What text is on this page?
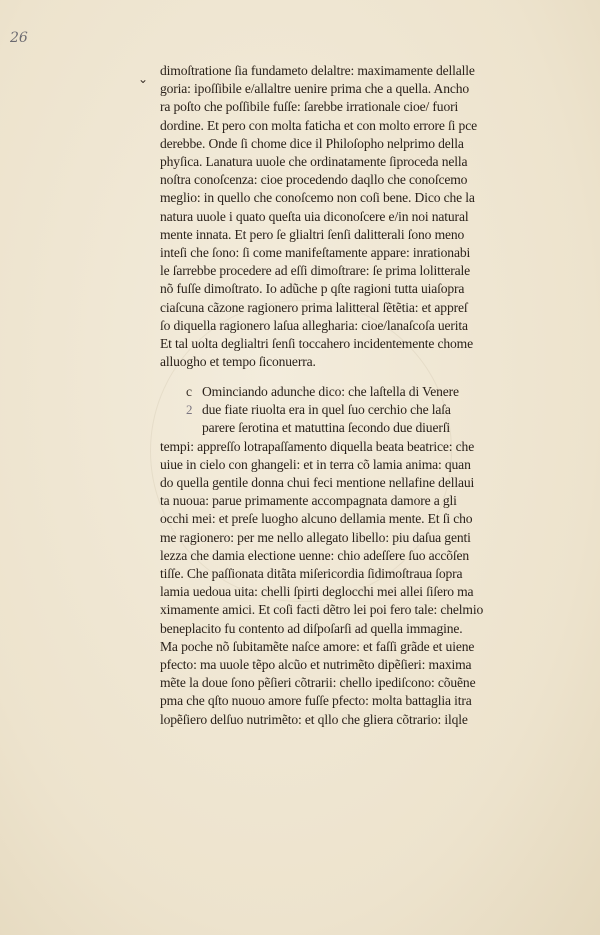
26
⌄
dimoſtratione ſia fundameto delaltre: maximamente dellalle
goria: ipoſſibile e/allaltre uenire prima che a quella. Ancho
ra poſto che poſſibile fuſſe: ſarebbe irrationale cioe/ fuori
dordine. Et pero con molta faticha et con molto errore ſi pce
derebbe. Onde ſi chome dice il Philoſopho nelprimo della
phyſica. Lanatura uuole che ordinatamente ſiproceda nella
noſtra conoſcenza: cioe procedendo daqllo che conoſcemo
meglio: in quello che conoſcemo non coſi bene. Dico che la
natura uuole i quato queſta uia diconoſcere e/in noi natural
mente innata. Et pero ſe glialtri ſenſi dalitterali ſono meno
inteſi che ſono: ſi come manifeſtamente appare: inrationabi
le ſarrebbe procedere ad eſſi dimoſtrare: ſe prima lolitterale
nõ fuſſe dimoſtrato. Io adũche p qſte ragioni tutta uiaſopra
ciaſcuna cãzone ragionero prima lalitteral ſẽtẽtia: et appreſ
ſo diquella ragionero laſua allegharia: cioe/lanaſcoſa uerita
Et tal uolta deglialtri ſenſi toccahero incidentemente chome
alluogho et tempo ſiconuerra.
c
2
Ominciando adunche dico: che laſtella di Venere
due fiate riuolta era in quel ſuo cerchio che laſa
parere ſerotina et matuttina ſecondo due diuerſi
tempi: appreſſo lotrapaſſamento diquella beata beatrice: che
uiue in cielo con ghangeli: et in terra cõ lamia anima: quan
do quella gentile donna chui feci mentione nellafine dellaui
ta nuoua: parue primamente accompagnata damore a gli
occhi mei: et preſe luogho alcuno dellamia mente. Et ſi cho
me ragionero: per me nello allegato libello: piu daſua genti
lezza che damia electione uenne: chio adeſſere ſuo accõſen
tiſſe. Che paſſionata ditãta miſericordia ſidimoſtraua ſopra
lamia uedoua uita: chelli ſpirti deglocchi mei allei ſiſero ma
ximamente amici. Et coſi facti dẽtro lei poi fero tale: chelmio
beneplacito fu contento ad diſpoſarſi ad quella immagine.
Ma poche nõ ſubitamẽte naſce amore: et faſſi grãde et uiene
pfecto: ma uuole tẽpo alcũo et nutrimẽto dipẽſieri: maxima
mẽte la doue ſono pẽſieri cõtrarii: chello ipediſcono: cõuẽne
pma che qſto nuouo amore fuſſe pfecto: molta battaglia itra
lopẽſiero delſuo nutrimẽto: et qllo che gliera cõtrario: ilqle
